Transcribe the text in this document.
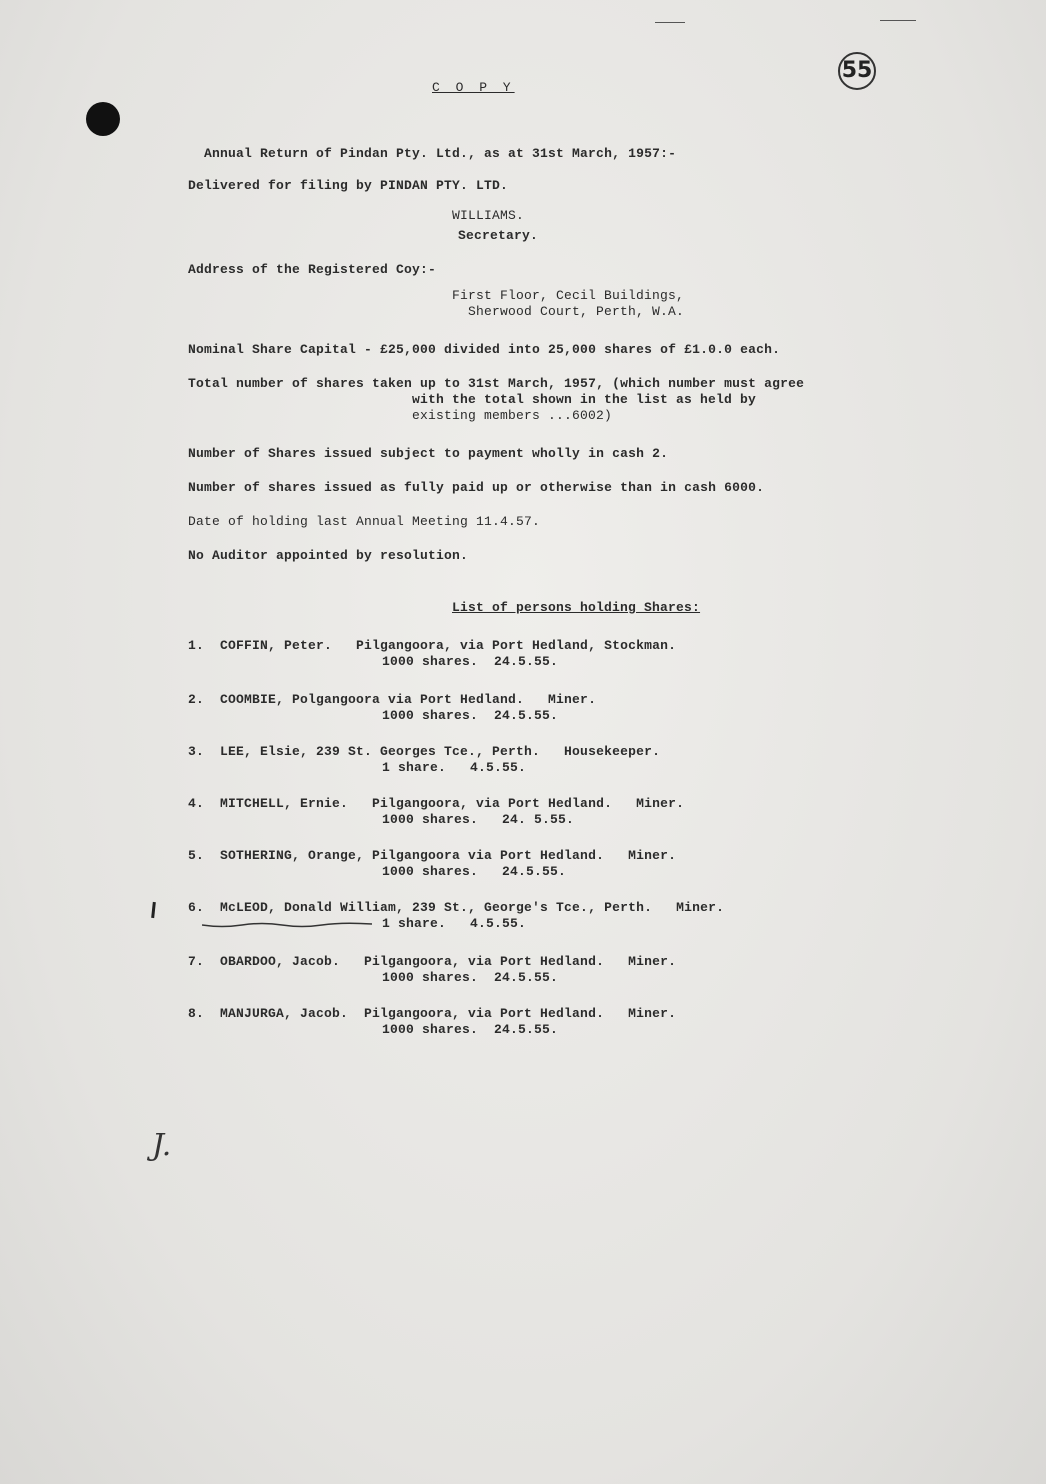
55
C O P Y
Annual Return of Pindan Pty. Ltd., as at 31st March, 1957:-
Delivered for filing by PINDAN PTY. LTD.
WILLIAMS.
Secretary.
Address of the Registered Coy:-
First Floor, Cecil Buildings,
Sherwood Court, Perth, W.A.
Nominal Share Capital - £25,000 divided into 25,000 shares of £1.0.0 each.
Total number of shares taken up to 31st March, 1957, (which number must agree
with the total shown in the list as held by
existing members ...6002)
Number of Shares issued subject to payment wholly in cash 2.
Number of shares issued as fully paid up or otherwise than in cash 6000.
Date of holding last Annual Meeting 11.4.57.
No Auditor appointed by resolution.
List of persons holding Shares:
1.  COFFIN, Peter.   Pilgangoora, via Port Hedland, Stockman.
1000 shares.  24.5.55.
2.  COOMBIE, Polgangoora via Port Hedland.   Miner.
1000 shares.  24.5.55.
3.  LEE, Elsie, 239 St. Georges Tce., Perth.   Housekeeper.
1 share.   4.5.55.
4.  MITCHELL, Ernie.   Pilgangoora, via Port Hedland.   Miner.
1000 shares.   24. 5.55.
5.  SOTHERING, Orange, Pilgangoora via Port Hedland.   Miner.
1000 shares.   24.5.55.
6.  McLEOD, Donald William, 239 St., George's Tce., Perth.   Miner.
1 share.   4.5.55.
7.  OBARDOO, Jacob.   Pilgangoora, via Port Hedland.   Miner.
1000 shares.  24.5.55.
8.  MANJURGA, Jacob.  Pilgangoora, via Port Hedland.   Miner.
1000 shares.  24.5.55.
J.
